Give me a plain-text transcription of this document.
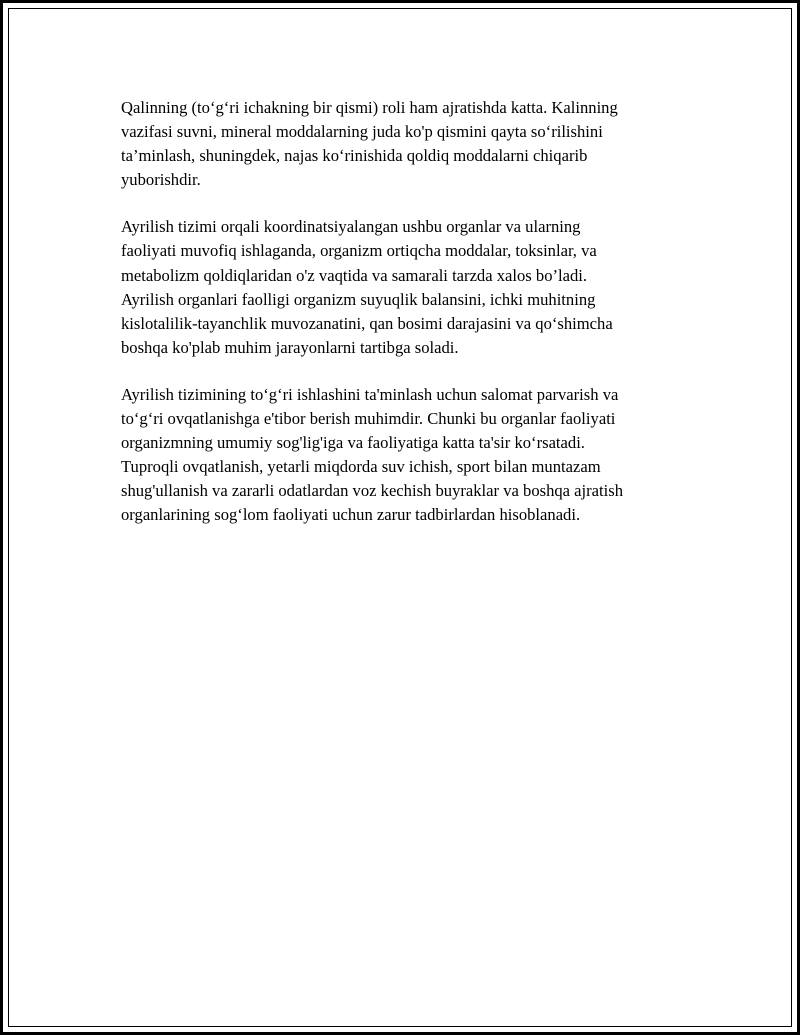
Qalinning (to‘g‘ri ichakning bir qismi) roli ham ajratishda katta. Kalinning
vazifasi suvni, mineral moddalarning juda ko'p qismini qayta so‘rilishini
ta’minlash, shuningdek, najas ko‘rinishida qoldiq moddalarni chiqarib
yuborishdir.

Ayrilish tizimi orqali koordinatsiyalangan ushbu organlar va ularning
faoliyati muvofiq ishlaganda, organizm ortiqcha moddalar, toksinlar, va
metabolizm qoldiqlaridan o'z vaqtida va samarali tarzda xalos bo’ladi.
Ayrilish organlari faolligi organizm suyuqlik balansini, ichki muhitning
kislotalilik-tayanchlik muvozanatini, qan bosimi darajasini va qo‘shimcha
boshqa ko'plab muhim jarayonlarni tartibga soladi.

Ayrilish tizimining to‘g‘ri ishlashini ta'minlash uchun salomat parvarish va
to‘g‘ri ovqatlanishga e'tibor berish muhimdir. Chunki bu organlar faoliyati
organizmning umumiy sog'lig'iga va faoliyatiga katta ta'sir ko‘rsatadi.
Tuproqli ovqatlanish, yetarli miqdorda suv ichish, sport bilan muntazam
shug'ullanish va zararli odatlardan voz kechish buyraklar va boshqa ajratish
organlarining sog‘lom faoliyati uchun zarur tadbirlardan hisoblanadi.
